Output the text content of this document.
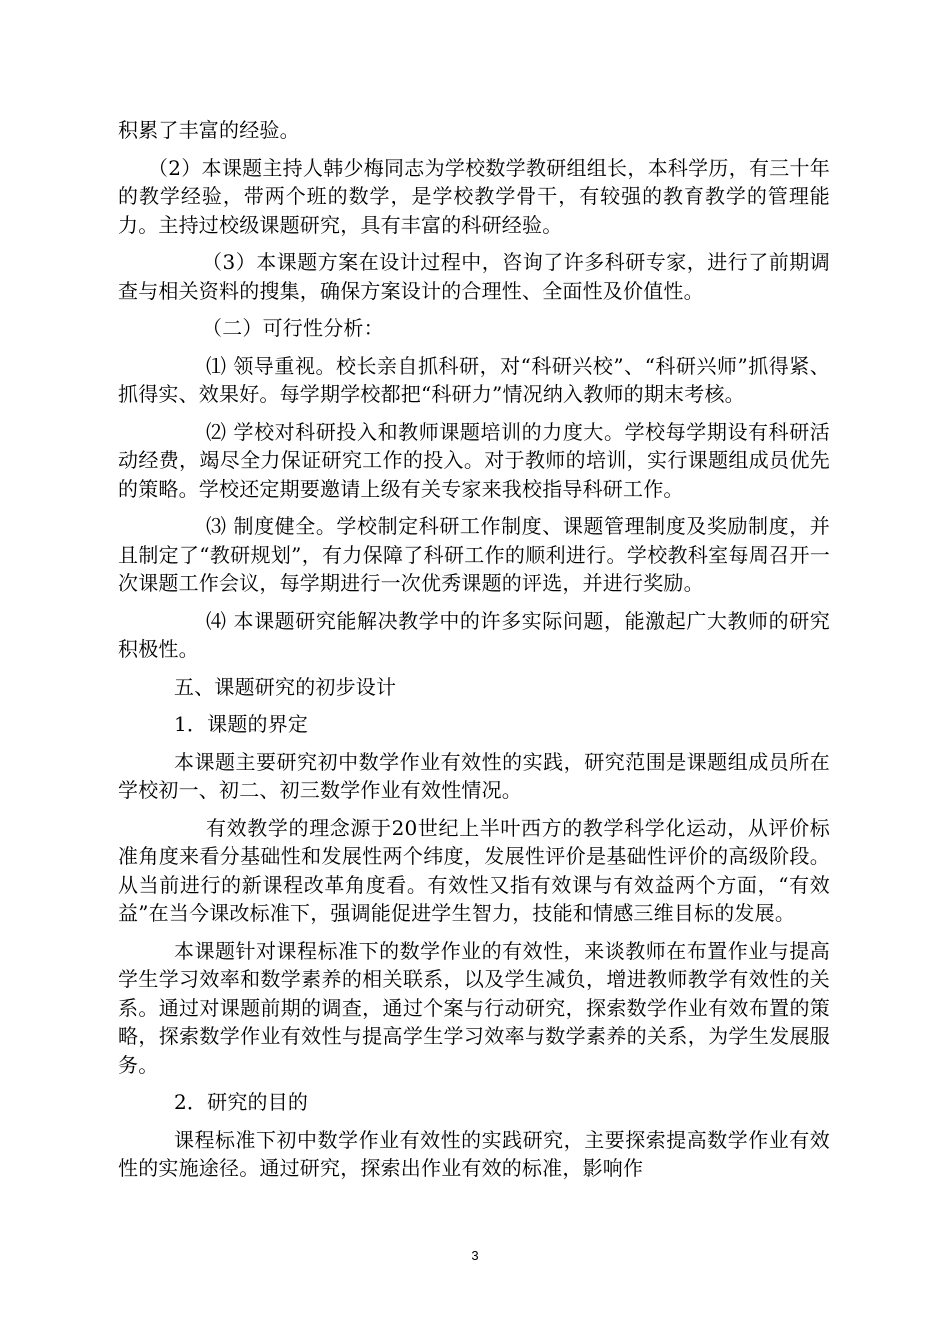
积累了丰富的经验。

（2）本课题主持人韩少梅同志为学校数学教研组组长，本科学历，有三十年的教学经验，带两个班的数学，是学校教学骨干，有较强的教育教学的管理能力。主持过校级课题研究，具有丰富的科研经验。

（3）本课题方案在设计过程中，咨询了许多科研专家，进行了前期调查与相关资料的搜集，确保方案设计的合理性、全面性及价值性。

（二）可行性分析：

⑴ 领导重视。校长亲自抓科研，对“科研兴校”、“科研兴师”抓得紧、抓得实、效果好。每学期学校都把“科研力”情况纳入教师的期末考核。

⑵ 学校对科研投入和教师课题培训的力度大。学校每学期设有科研活动经费，竭尽全力保证研究工作的投入。对于教师的培训，实行课题组成员优先的策略。学校还定期要邀请上级有关专家来我校指导科研工作。

⑶ 制度健全。学校制定科研工作制度、课题管理制度及奖励制度，并且制定了“教研规划”，有力保障了科研工作的顺利进行。学校教科室每周召开一次课题工作会议，每学期进行一次优秀课题的评选，并进行奖励。

⑷ 本课题研究能解决教学中的许多实际问题，能激起广大教师的研究积极性。

五、课题研究的初步设计

1．课题的界定

本课题主要研究初中数学作业有效性的实践，研究范围是课题组成员所在学校初一、初二、初三数学作业有效性情况。

有效教学的理念源于20世纪上半叶西方的教学科学化运动，从评价标准角度来看分基础性和发展性两个纬度，发展性评价是基础性评价的高级阶段。从当前进行的新课程改革角度看。有效性又指有效课与有效益两个方面，“有效益”在当今课改标准下，强调能促进学生智力，技能和情感三维目标的发展。

本课题针对课程标准下的数学作业的有效性，来谈教师在布置作业与提高学生学习效率和数学素养的相关联系，以及学生减负，增进教师教学有效性的关系。通过对课题前期的调查，通过个案与行动研究，探索数学作业有效布置的策略，探索数学作业有效性与提高学生学习效率与数学素养的关系，为学生发展服务。

2．研究的目的

课程标准下初中数学作业有效性的实践研究，主要探索提高数学作业有效性的实施途径。通过研究，探索出作业有效的标准，影响作

3
